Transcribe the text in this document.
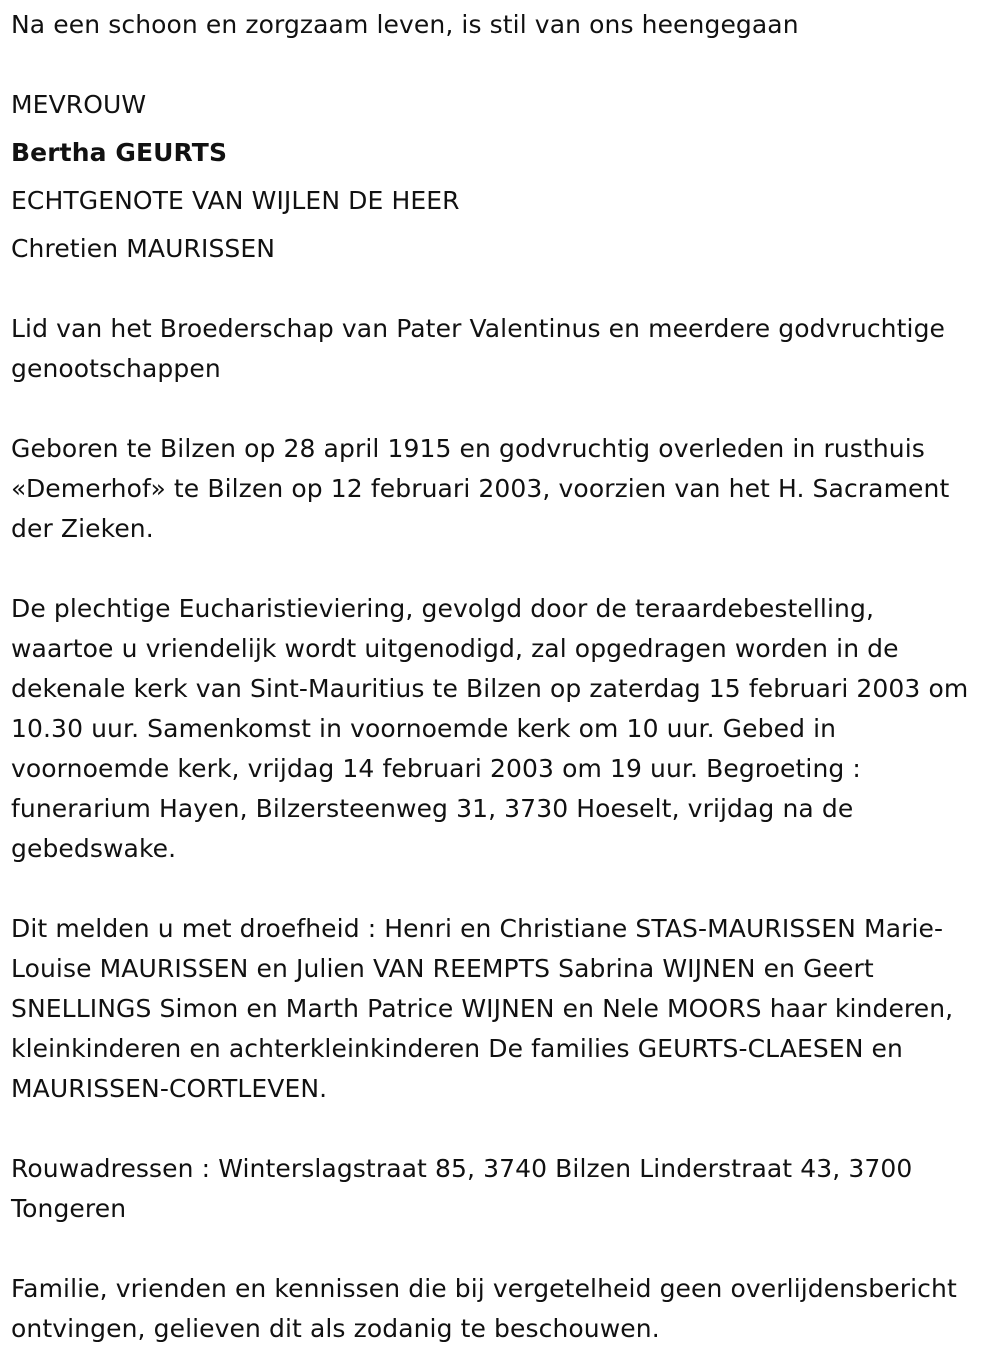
Na een schoon en zorgzaam leven, is stil van ons heengegaan
MEVROUW
Bertha GEURTS
ECHTGENOTE VAN WIJLEN DE HEER
Chretien MAURISSEN
Lid van het Broederschap van Pater Valentinus en meerdere godvruchtige genootschappen
Geboren te Bilzen op 28 april 1915 en godvruchtig overleden in rusthuis «Demerhof» te Bilzen op 12 februari 2003, voorzien van het H. Sacrament der Zieken.
De plechtige Eucharistieviering, gevolgd door de teraardebestelling, waartoe u vriendelijk wordt uitgenodigd, zal opgedragen worden in de dekenale kerk van Sint-Mauritius te Bilzen op zaterdag 15 februari 2003 om 10.30 uur. Samenkomst in voornoemde kerk om 10 uur. Gebed in voornoemde kerk, vrijdag 14 februari 2003 om 19 uur. Begroeting : funerarium Hayen, Bilzersteenweg 31, 3730 Hoeselt, vrijdag na de gebedswake.
Dit melden u met droefheid : Henri en Christiane STAS-MAURISSEN Marie-Louise MAURISSEN en Julien VAN REEMPTS Sabrina WIJNEN en Geert SNELLINGS Simon en Marth Patrice WIJNEN en Nele MOORS haar kinderen, kleinkinderen en achterkleinkinderen De families GEURTS-CLAESEN en MAURISSEN-CORTLEVEN.
Rouwadressen : Winterslagstraat 85, 3740 Bilzen Linderstraat 43, 3700 Tongeren
Familie, vrienden en kennissen die bij vergetelheid geen overlijdensbericht ontvingen, gelieven dit als zodanig te beschouwen.
